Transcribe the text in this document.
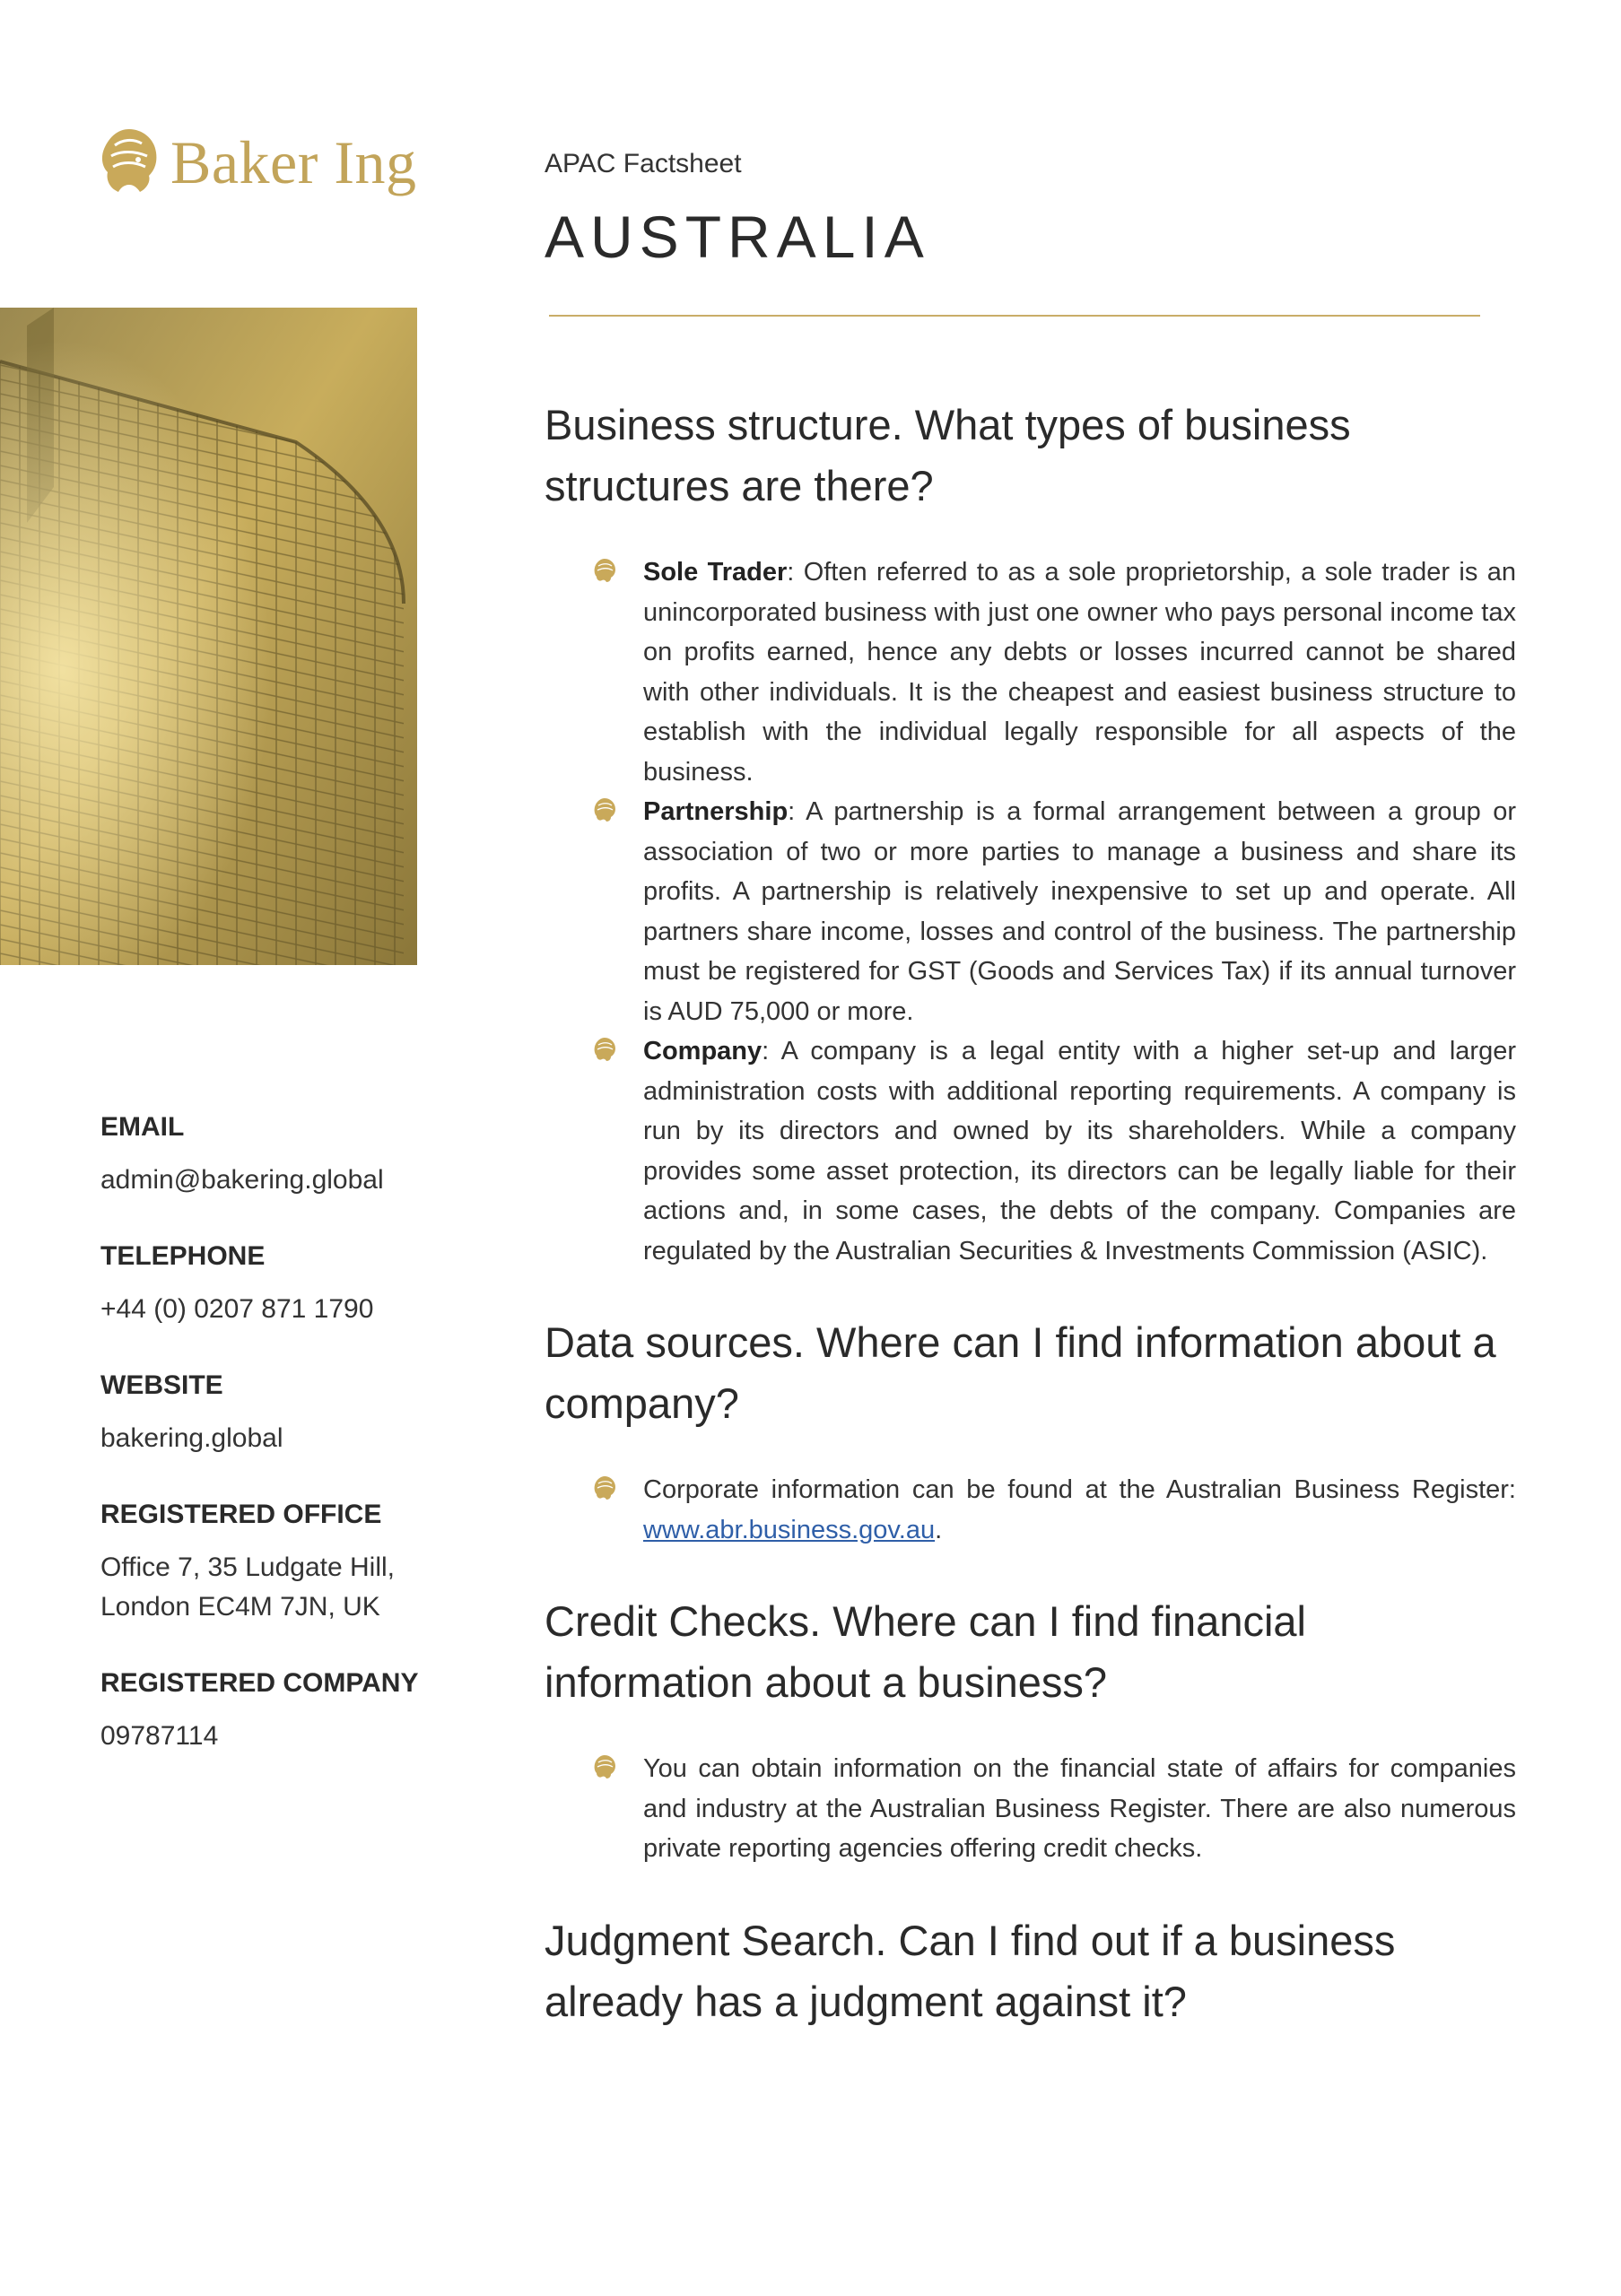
Baker Ing
EMAIL
admin@bakering.global
TELEPHONE
+44 (0) 0207 871 1790
WEBSITE
bakering.global
REGISTERED OFFICE
Office 7, 35 Ludgate Hill,
London EC4M 7JN, UK
REGISTERED COMPANY
09787114
APAC Factsheet
AUSTRALIA
Business structure. What types of business structures are there?
Sole Trader: Often referred to as a sole proprietorship, a sole trader is an unincorporated business with just one owner who pays personal income tax on profits earned, hence any debts or losses incurred cannot be shared with other individuals. It is the cheapest and easiest business structure to establish with the individual legally responsible for all aspects of the business.
Partnership: A partnership is a formal arrangement between a group or association of two or more parties to manage a business and share its profits. A partnership is relatively inexpensive to set up and operate. All partners share income, losses and control of the business. The partnership must be registered for GST (Goods and Services Tax) if its annual turnover is AUD 75,000 or more.
Company: A company is a legal entity with a higher set-up and larger administration costs with additional reporting requirements. A company is run by its directors and owned by its shareholders. While a company provides some asset protection, its directors can be legally liable for their actions and, in some cases, the debts of the company. Companies are regulated by the Australian Securities & Investments Commission (ASIC).
Data sources. Where can I find information about a company?
Corporate information can be found at the Australian Business Register: www.abr.business.gov.au.
Credit Checks. Where can I find financial information about a business?
You can obtain information on the financial state of affairs for companies and industry at the Australian Business Register. There are also numerous private reporting agencies offering credit checks.
Judgment Search. Can I find out if a business already has a judgment against it?
